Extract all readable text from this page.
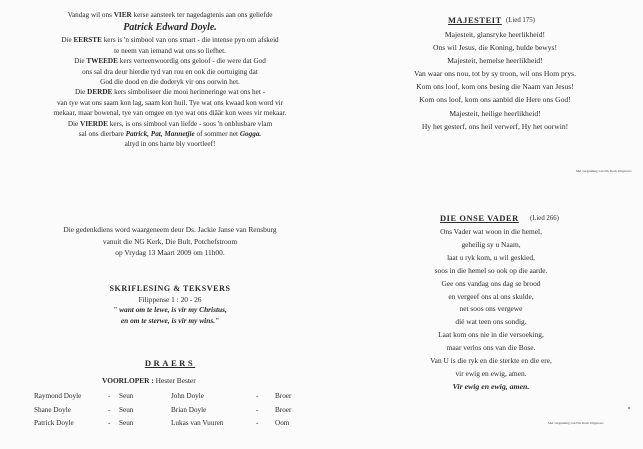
Vandag wil ons VIER kerse aansteek ter nagedagtenis aan ons geliefde

Patrick Edward Doyle.

Die EERSTE kers is 'n simbool van ons smart - die intense pyn om afskeid

te neem van iemand wat ons so liefhet.

Die TWEEDE kers verteenwoordig ons geloof - die were dat God

ons sal dra deur hierdie tyd van rou en ook die oortuiging dat

God die dood en die doderyk vir ons oorwin het.

Die DERDE kers simboliseer die mooi herinneringe wat ons het -

van tye wat ons saam kon lag, saam kon huil. Tye wat ons kwaad kon word vir

mekaar, maar bowenal, tye van omgee en tye wat ons diâär kon wees vir mekaar.

Die VIERDE kers, is ons simbool van liefde - soos 'n onblusbare vlam

sal ons dierbare Patrick, Pat, Mannetjie of sommer net Gogga.

altyd in ons harte bly voortleef!

Die gedenkdiens word waargeneem deur Ds. Jackie Janse van Rensburg

vanuit die NG Kerk, Die Bult, Potchefstroom

op Vrydag 13 Maart 2009 om 11h00.

SKRIFLESING & TEKSVERS

Filippense 1 : 20 - 26

" want om te lewe, is vir my Christus,

en om te sterwe, is vir my wins."

DRAERS
VOORLOPER : Hester Bester
Raymond Doyle	- Seun	John Doyle	- Broer
Shane Doyle	- Seun	Brian Doyle	- Broer
Patrick Doyle	- Seun	Lukas van Vuuren	- Oom
MAJESTEIT (Lied 175)

Majesteit, glansryke heerlikheid!

Ons wil Jesus, die Koning, hulde bewys!

Majesteit, hemelse heerlikheid!

Van waar ons nou, tot by sy troon, wil ons Hom prys.

Kom ons loof, kom ons besing die Naam van Jesus!

Kom ons loof, kom ons aanbid die Here ons God!

Majesteit, heilige heerlikheid!

Hy het gesterf, ons heil verwerf, Hy het oorwin!

Met vergunning van NG Kerk Uitgewers
DIE ONSE VADER (Lied 266)

Ons Vader wat woon in die hemel,

geheilig sy u Naam,

laat u ryk kom, u wil geskied,

soos in die hemel so ook op die aarde.

Gee ons vandag ons dag se brood

en vergeef ons al ons skulde,

net soos ons vergewe

dié wat teen ons sondig.

Laat kom ons nie in die versoeking,

maar verlos ons van die Bose.

Van U is die ryk en die sterkte en die ere,

vir ewig en ewig, amen.

Vir ewig en ewig, amen.

Met vergunning van NG Kerk Uitgewers
